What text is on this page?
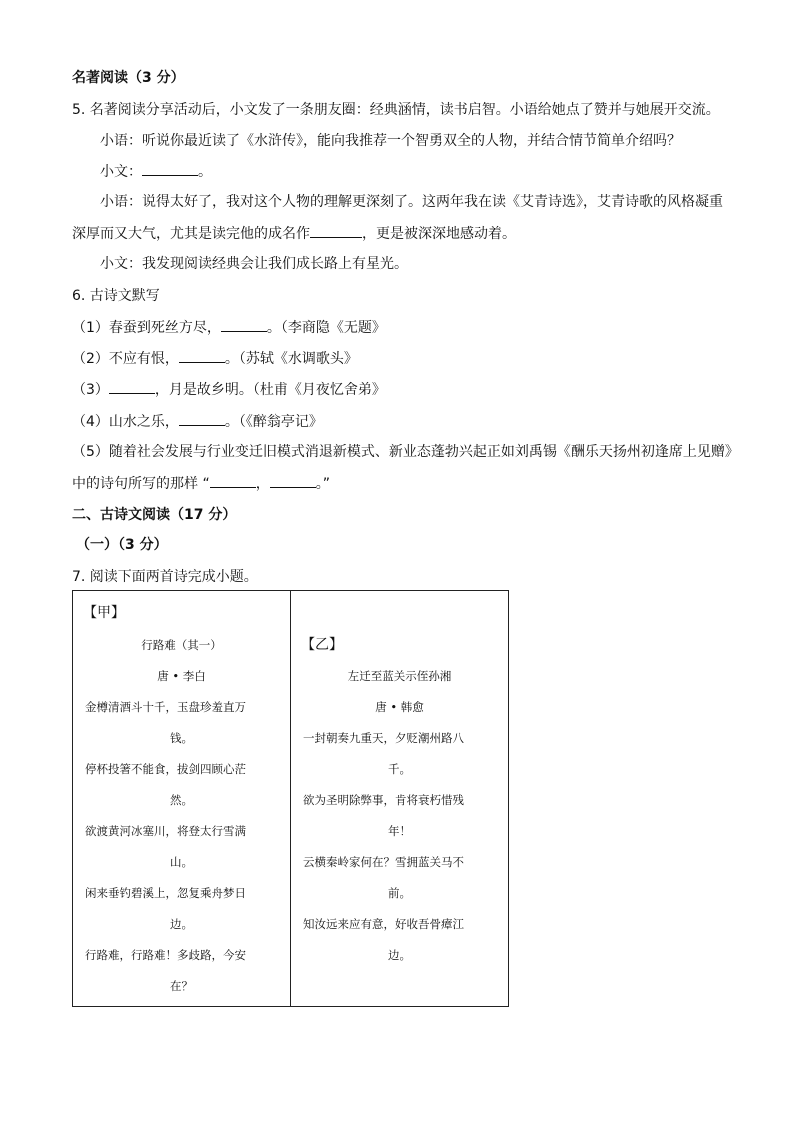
名著阅读（3 分）
5. 名著阅读分享活动后，小文发了一条朋友圈：经典涵情，读书启智。小语给她点了赞并与她展开交流。
小语：听说你最近读了《水浒传》，能向我推荐一个智勇双全的人物，并结合情节简单介绍吗？
小文：	。
小语：说得太好了，我对这个人物的理解更深刻了。这两年我在读《艾青诗选》，艾青诗歌的风格凝重
深厚而又大气，尤其是读完他的成名作	，更是被深深地感动着。
小文：我发现阅读经典会让我们成长路上有星光。
6. 古诗文默写
（1）春蚕到死丝方尽，	。（李商隐《无题》
（2）不应有恨，	。（苏轼《水调歌头》
（3）	，月是故乡明。（杜甫《月夜忆舍弟》
（4）山水之乐，	。（《醉翁亭记》
（5）随着社会发展与行业变迁旧模式消退新模式、新业态蓬勃兴起正如刘禹锡《酬乐天扬州初逢席上见赠》
中的诗句所写的那样 “	，	。”
二、古诗文阅读（17 分）
（一）（3 分）
7. 阅读下面两首诗完成小题。
【甲】
行路难（其一）
唐 • 李白
金樽清酒斗十千，玉盘珍羞直万
钱。
停杯投箸不能食，拔剑四顾心茫
然。
欲渡黄河冰塞川，将登太行雪满
山。
闲来垂钓碧溪上，忽复乘舟梦日
边。
行路难，行路难！多歧路，今安
在？
【乙】
左迁至蓝关示侄孙湘
唐 • 韩愈
一封朝奏九重天，夕贬潮州路八
千。
欲为圣明除弊事，肯将衰朽惜残
年！
云横秦岭家何在？雪拥蓝关马不
前。
知汝远来应有意，好收吾骨瘴江
边。
